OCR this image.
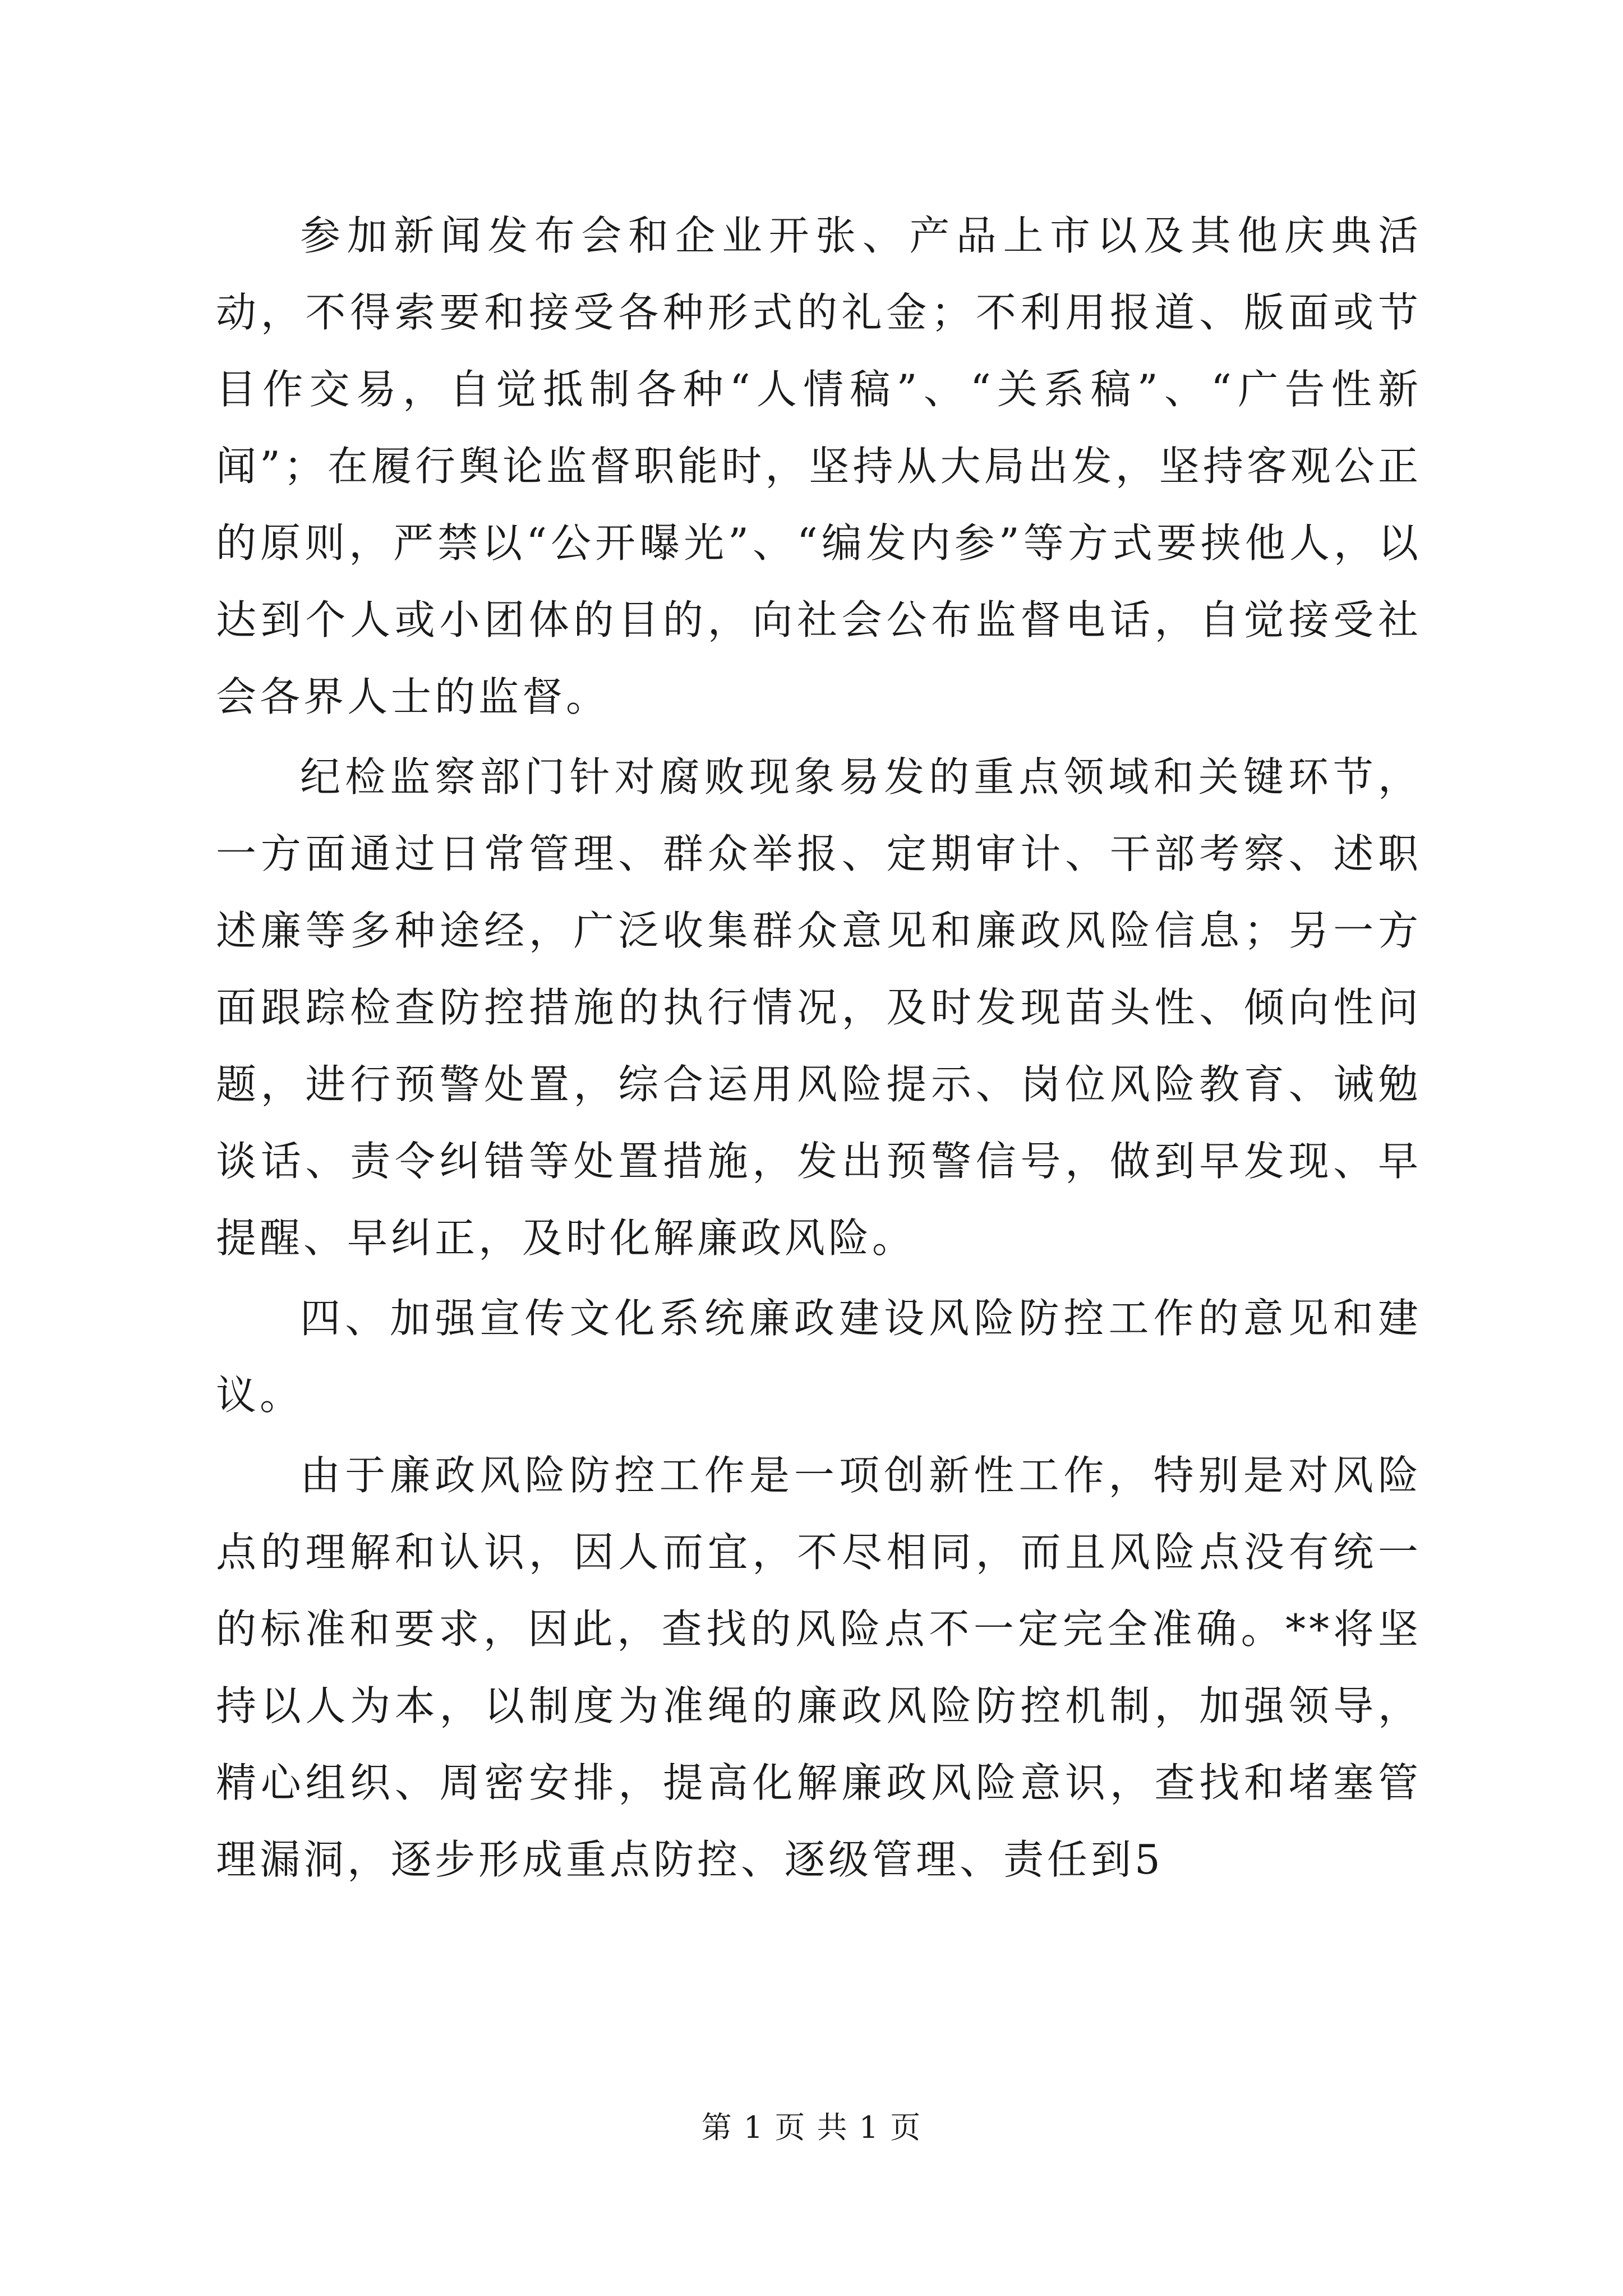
参加新闻发布会和企业开张、产品上市以及其他庆典活动，不得索要和接受各种形式的礼金；不利用报道、版面或节目作交易，自觉抵制各种“人情稿”、“关系稿”、“广告性新闻”；在履行舆论监督职能时，坚持从大局出发，坚持客观公正的原则，严禁以“公开曝光”、“编发内参”等方式要挟他人，以达到个人或小团体的目的，向社会公布监督电话，自觉接受社会各界人士的监督。

纪检监察部门针对腐败现象易发的重点领域和关键环节，一方面通过日常管理、群众举报、定期审计、干部考察、述职述廉等多种途经，广泛收集群众意见和廉政风险信息；另一方面跟踪检查防控措施的执行情况，及时发现苗头性、倾向性问题，进行预警处置，综合运用风险提示、岗位风险教育、诫勉谈话、责令纠错等处置措施，发出预警信号，做到早发现、早提醒、早纠正，及时化解廉政风险。

四、加强宣传文化系统廉政建设风险防控工作的意见和建议。

由于廉政风险防控工作是一项创新性工作，特别是对风险点的理解和认识，因人而宜，不尽相同，而且风险点没有统一的标准和要求，因此，查找的风险点不一定完全准确。**将坚持以人为本，以制度为准绳的廉政风险防控机制，加强领导，精心组织、周密安排，提高化解廉政风险意识，查找和堵塞管理漏洞，逐步形成重点防控、逐级管理、责任到5

第 1 页 共 1 页
